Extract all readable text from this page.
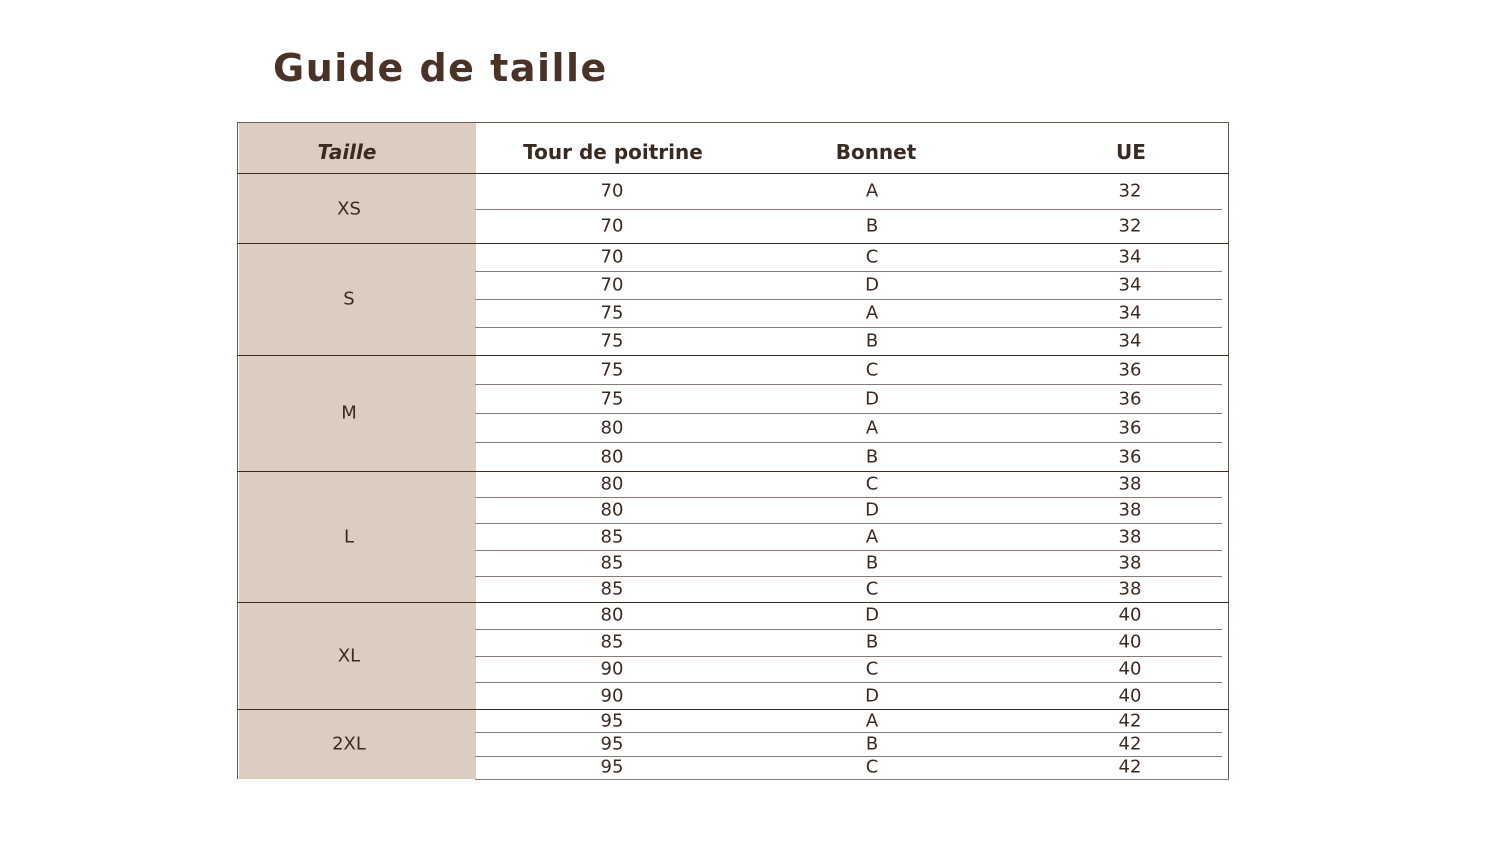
Guide de taille
Taille	Tour de poitrine	Bonnet	UE
XS
70	A	32
70	B	32
S
70	C	34
70	D	34
75	A	34
75	B	34
M
75	C	36
75	D	36
80	A	36
80	B	36
L
80	C	38
80	D	38
85	A	38
85	B	38
85	C	38
XL
80	D	40
85	B	40
90	C	40
90	D	40
2XL
95	A	42
95	B	42
95	C	42
